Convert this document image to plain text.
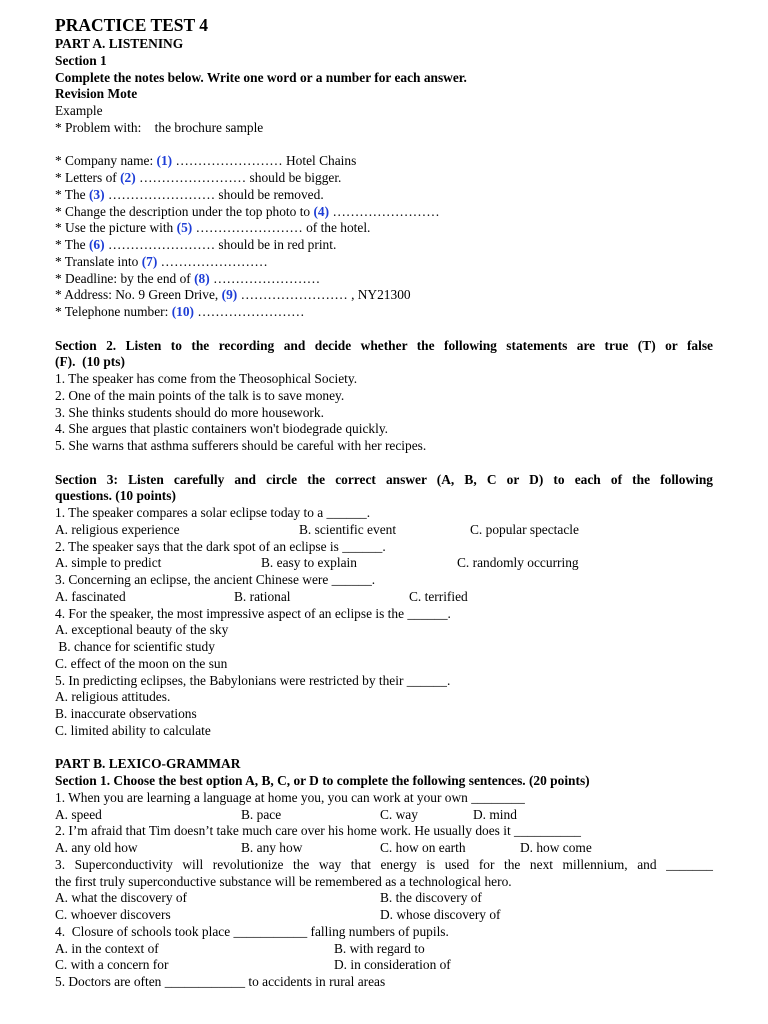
PRACTICE TEST 4
PART A. LISTENING
Section 1
Complete the notes below. Write one word or a number for each answer.
Revision Mote
Example
* Problem with:    the brochure sample
* Company name: (1) …………………… Hotel Chains
* Letters of (2) …………………… should be bigger.
* The (3) …………………… should be removed.
* Change the description under the top photo to (4) ……………………
* Use the picture with (5) …………………… of the hotel.
* The (6) …………………… should be in red print.
* Translate into (7) ……………………
* Deadline: by the end of (8) ……………………
* Address: No. 9 Green Drive, (9) …………………… , NY21300
* Telephone number: (10) ……………………
Section 2. Listen to the recording and decide whether the following statements are true (T) or false
(F).  (10 pts)
1. The speaker has come from the Theosophical Society.
2. One of the main points of the talk is to save money.
3. She thinks students should do more housework.
4. She argues that plastic containers won't biodegrade quickly.
5. She warns that asthma sufferers should be careful with her recipes.
Section 3: Listen carefully and circle the correct answer (A, B, C or D) to each of the following
questions. (10 points)
1. The speaker compares a solar eclipse today to a ______.

A. religious experience

	B. scientific event

	C. popular spectacle

2. The speaker says that the dark spot of an eclipse is ______.

A. simple to predict

	B. easy to explain

	C. randomly occurring

3. Concerning an eclipse, the ancient Chinese were ______.

A. fascinated

	B. rational

	C. terrified

4. For the speaker, the most impressive aspect of an eclipse is the ______.
A. exceptional beauty of the sky
B. chance for scientific study
C. effect of the moon on the sun
5. In predicting eclipses, the Babylonians were restricted by their ______.
A. religious attitudes.
B. inaccurate observations
C. limited ability to calculate
PART B. LEXICO-GRAMMAR
Section 1. Choose the best option A, B, C, or D to complete the following sentences. (20 points)
1. When you are learning a language at home you, you can work at your own ________

A. speed

	B. pace

	C. way

	D. mind

2. I’m afraid that Tim doesn’t take much care over his home work. He usually does it __________

A. any old how

	B. any how

	C. how on earth

	D. how come

3. Superconductivity will revolutionize the way that energy is used for the next millennium, and _______
the first truly superconductive substance will be remembered as a technological hero.

A. what the discovery of

	B. the discovery of

C. whoever discovers

	D. whose discovery of

4.  Closure of schools took place ___________ falling numbers of pupils.

A. in the context of

	B. with regard to

C. with a concern for

	D. in consideration of

5. Doctors are often ____________ to accidents in rural areas
